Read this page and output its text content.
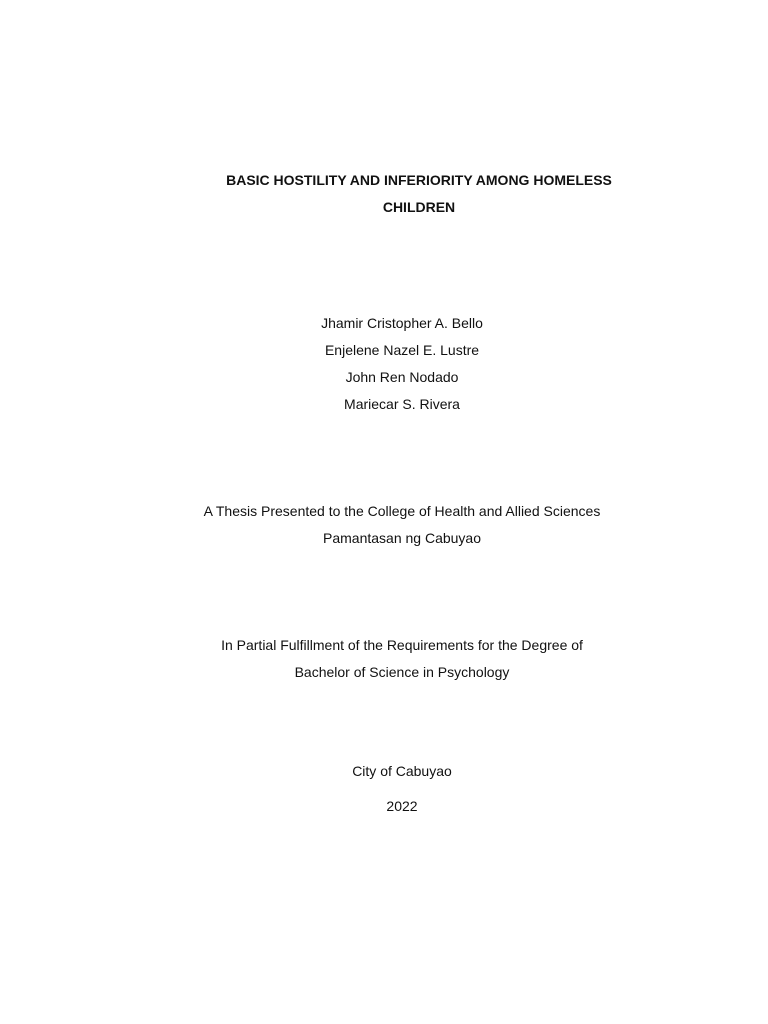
BASIC HOSTILITY AND INFERIORITY AMONG HOMELESS
CHILDREN
Jhamir Cristopher A. Bello
Enjelene Nazel E. Lustre
John Ren Nodado
Mariecar S. Rivera
A Thesis Presented to the College of Health and Allied Sciences
Pamantasan ng Cabuyao
In Partial Fulfillment of the Requirements for the Degree of
Bachelor of Science in Psychology
City of Cabuyao
2022
